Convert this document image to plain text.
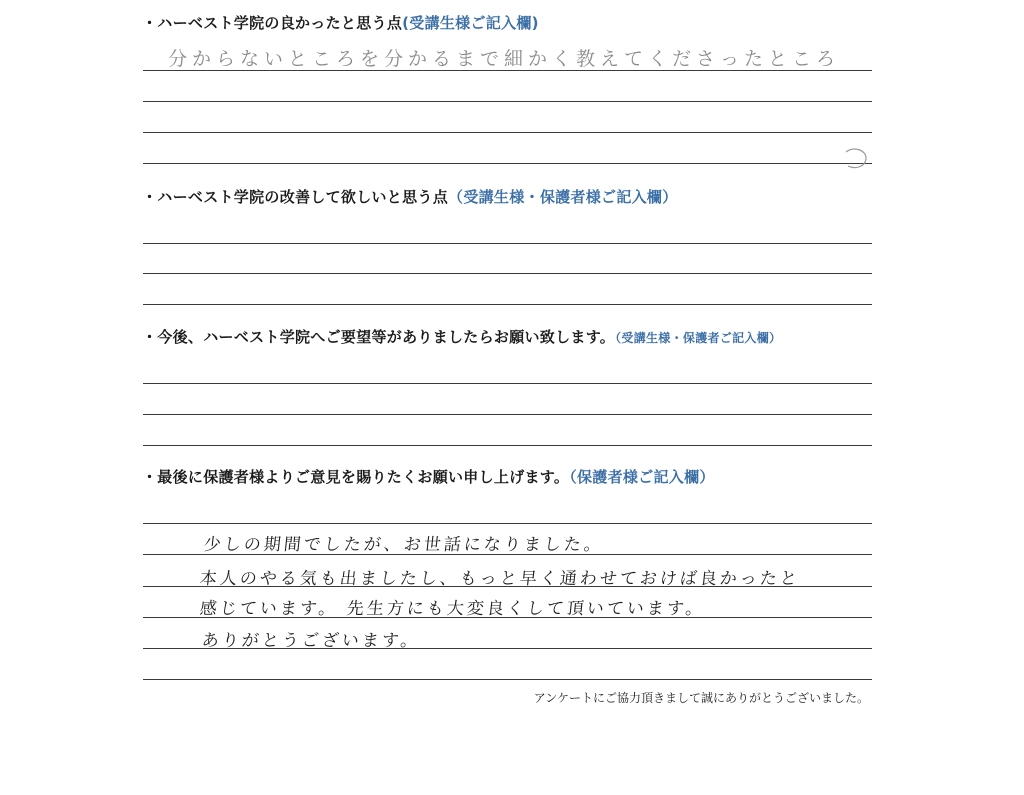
・ハーベスト学院の良かったと思う点(受講生様ご記入欄)
分からないところを分かるまで細かく教えてくださったところ
・ハーベスト学院の改善して欲しいと思う点（受講生様・保護者様ご記入欄）
・今後、ハーベスト学院へご要望等がありましたらお願い致します。（受講生様・保護者ご記入欄）
・最後に保護者様よりご意見を賜りたくお願い申し上げます。（保護者様ご記入欄）
少しの期間でしたが、お世話になりました。
本人のやる気も出ましたし、もっと早く通わせておけば良かったと
感じています。 先生方にも大変良くして頂いています。
ありがとうございます。
アンケートにご協力頂きまして誠にありがとうございました。
